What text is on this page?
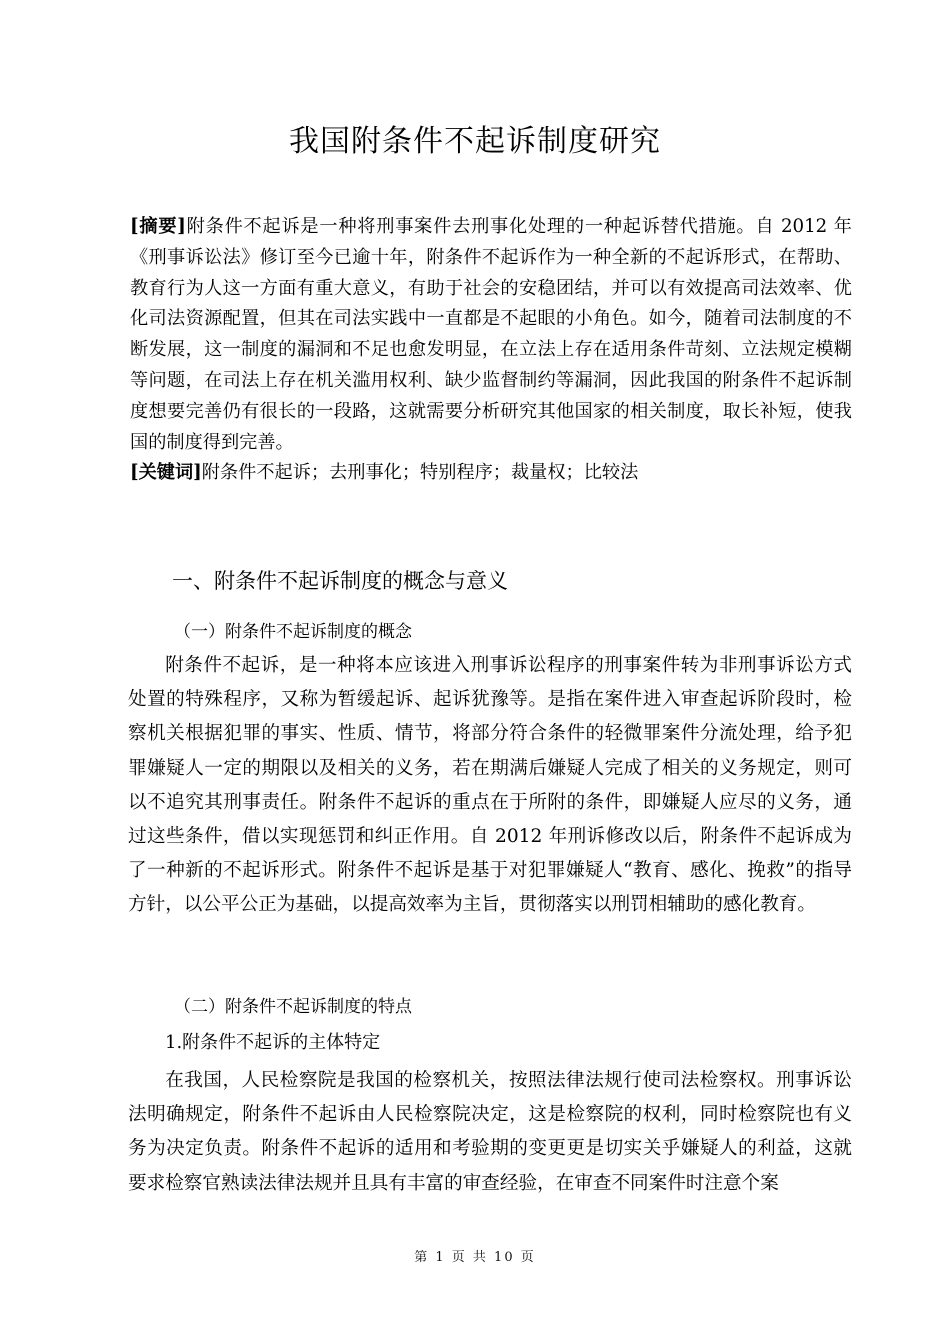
我国附条件不起诉制度研究

[摘要]附条件不起诉是一种将刑事案件去刑事化处理的一种起诉替代措施。自 2012 年《刑事诉讼法》修订至今已逾十年，附条件不起诉作为一种全新的不起诉形式，在帮助、教育行为人这一方面有重大意义，有助于社会的安稳团结，并可以有效提高司法效率、优化司法资源配置，但其在司法实践中一直都是不起眼的小角色。如今，随着司法制度的不断发展，这一制度的漏洞和不足也愈发明显，在立法上存在适用条件苛刻、立法规定模糊等问题，在司法上存在机关滥用权利、缺少监督制约等漏洞，因此我国的附条件不起诉制度想要完善仍有很长的一段路，这就需要分析研究其他国家的相关制度，取长补短，使我国的制度得到完善。

[关键词]附条件不起诉；去刑事化；特别程序；裁量权；比较法

一、附条件不起诉制度的概念与意义
（一）附条件不起诉制度的概念

附条件不起诉，是一种将本应该进入刑事诉讼程序的刑事案件转为非刑事诉讼方式处置的特殊程序，又称为暂缓起诉、起诉犹豫等。是指在案件进入审查起诉阶段时，检察机关根据犯罪的事实、性质、情节，将部分符合条件的轻微罪案件分流处理，给予犯罪嫌疑人一定的期限以及相关的义务，若在期满后嫌疑人完成了相关的义务规定，则可以不追究其刑事责任。附条件不起诉的重点在于所附的条件，即嫌疑人应尽的义务，通过这些条件，借以实现惩罚和纠正作用。自 2012 年刑诉修改以后，附条件不起诉成为了一种新的不起诉形式。附条件不起诉是基于对犯罪嫌疑人“教育、感化、挽救”的指导方针，以公平公正为基础，以提高效率为主旨，贯彻落实以刑罚相辅助的感化教育。

（二）附条件不起诉制度的特点
1.附条件不起诉的主体特定

在我国，人民检察院是我国的检察机关，按照法律法规行使司法检察权。刑事诉讼法明确规定，附条件不起诉由人民检察院决定，这是检察院的权利，同时检察院也有义务为决定负责。附条件不起诉的适用和考验期的变更更是切实关乎嫌疑人的利益，这就要求检察官熟读法律法规并且具有丰富的审查经验，在审查不同案件时注意个案

第 1 页 共 10 页
